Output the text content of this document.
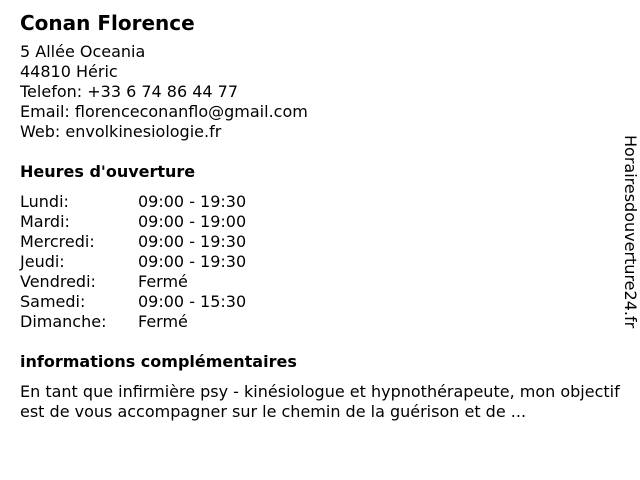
Conan Florence
5 Allée Oceania
44810 Héric
Telefon: +33 6 74 86 44 77
Email: florenceconanflo@gmail.com
Web: envolkinesiologie.fr
Heures d'ouverture
Lundi:	09:00 - 19:30
Mardi:	09:00 - 19:00
Mercredi:	09:00 - 19:30
Jeudi:	09:00 - 19:30
Vendredi:	Fermé
Samedi:	09:00 - 15:30
Dimanche:	Fermé
informations complémentaires
En tant que infirmière psy - kinésiologue et hypnothérapeute, mon objectif est de vous accompagner sur le chemin de la guérison et de ...
Horairesdouverture24.fr
